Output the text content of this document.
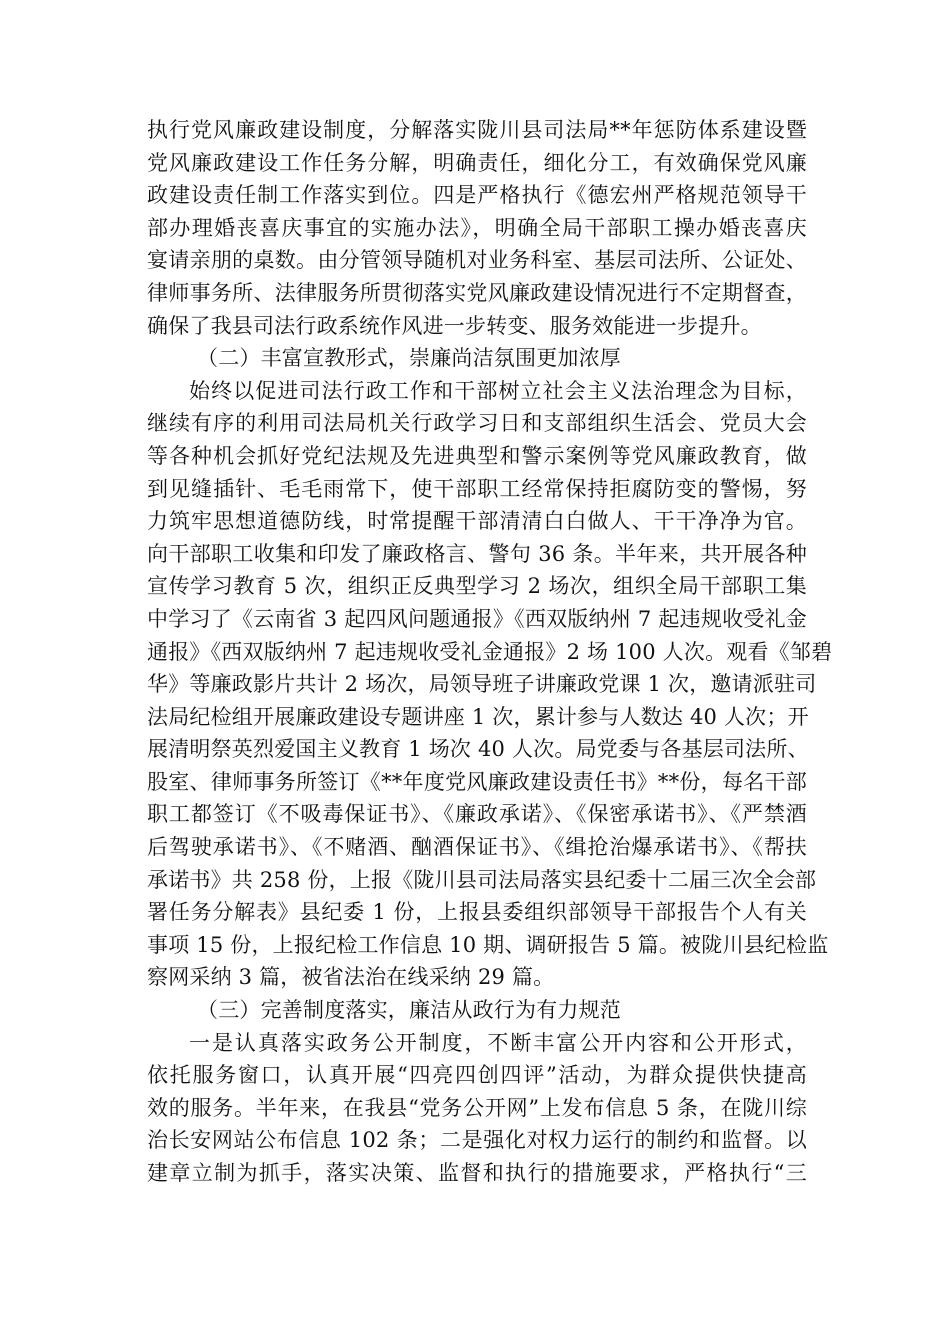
执行党风廉政建设制度，分解落实陇川县司法局**年惩防体系建设暨
党风廉政建设工作任务分解，明确责任，细化分工，有效确保党风廉
政建设责任制工作落实到位。四是严格执行《德宏州严格规范领导干
部办理婚丧喜庆事宜的实施办法》，明确全局干部职工操办婚丧喜庆
宴请亲朋的桌数。由分管领导随机对业务科室、基层司法所、公证处、
律师事务所、法律服务所贯彻落实党风廉政建设情况进行不定期督查，
确保了我县司法行政系统作风进一步转变、服务效能进一步提升。
（二）丰富宣教形式，崇廉尚洁氛围更加浓厚
始终以促进司法行政工作和干部树立社会主义法治理念为目标，
继续有序的利用司法局机关行政学习日和支部组织生活会、党员大会
等各种机会抓好党纪法规及先进典型和警示案例等党风廉政教育，做
到见缝插针、毛毛雨常下，使干部职工经常保持拒腐防变的警惕，努
力筑牢思想道德防线，时常提醒干部清清白白做人、干干净净为官。
向干部职工收集和印发了廉政格言、警句 36 条。半年来，共开展各种
宣传学习教育 5 次，组织正反典型学习 2 场次，组织全局干部职工集
中学习了《云南省 3 起四风问题通报》《西双版纳州 7 起违规收受礼金
通报》《西双版纳州 7 起违规收受礼金通报》2 场 100 人次。观看《邹碧
华》等廉政影片共计 2 场次，局领导班子讲廉政党课 1 次，邀请派驻司
法局纪检组开展廉政建设专题讲座 1 次，累计参与人数达 40 人次；开
展清明祭英烈爱国主义教育 1 场次 40 人次。局党委与各基层司法所、
股室、律师事务所签订《**年度党风廉政建设责任书》**份，每名干部
职工都签订《不吸毒保证书》、《廉政承诺》、《保密承诺书》、《严禁酒
后驾驶承诺书》、《不赌酒、酗酒保证书》、《缉抢治爆承诺书》、《帮扶
承诺书》共 258 份，上报《陇川县司法局落实县纪委十二届三次全会部
署任务分解表》县纪委 1 份，上报县委组织部领导干部报告个人有关
事项 15 份，上报纪检工作信息 10 期、调研报告 5 篇。被陇川县纪检监
察网采纳 3 篇，被省法治在线采纳 29 篇。
（三）完善制度落实，廉洁从政行为有力规范
一是认真落实政务公开制度，不断丰富公开内容和公开形式，
依托服务窗口，认真开展“四亮四创四评”活动，为群众提供快捷高
效的服务。半年来，在我县“党务公开网”上发布信息 5 条，在陇川综
治长安网站公布信息 102 条；二是强化对权力运行的制约和监督。以
建章立制为抓手，落实决策、监督和执行的措施要求，严格执行“三
